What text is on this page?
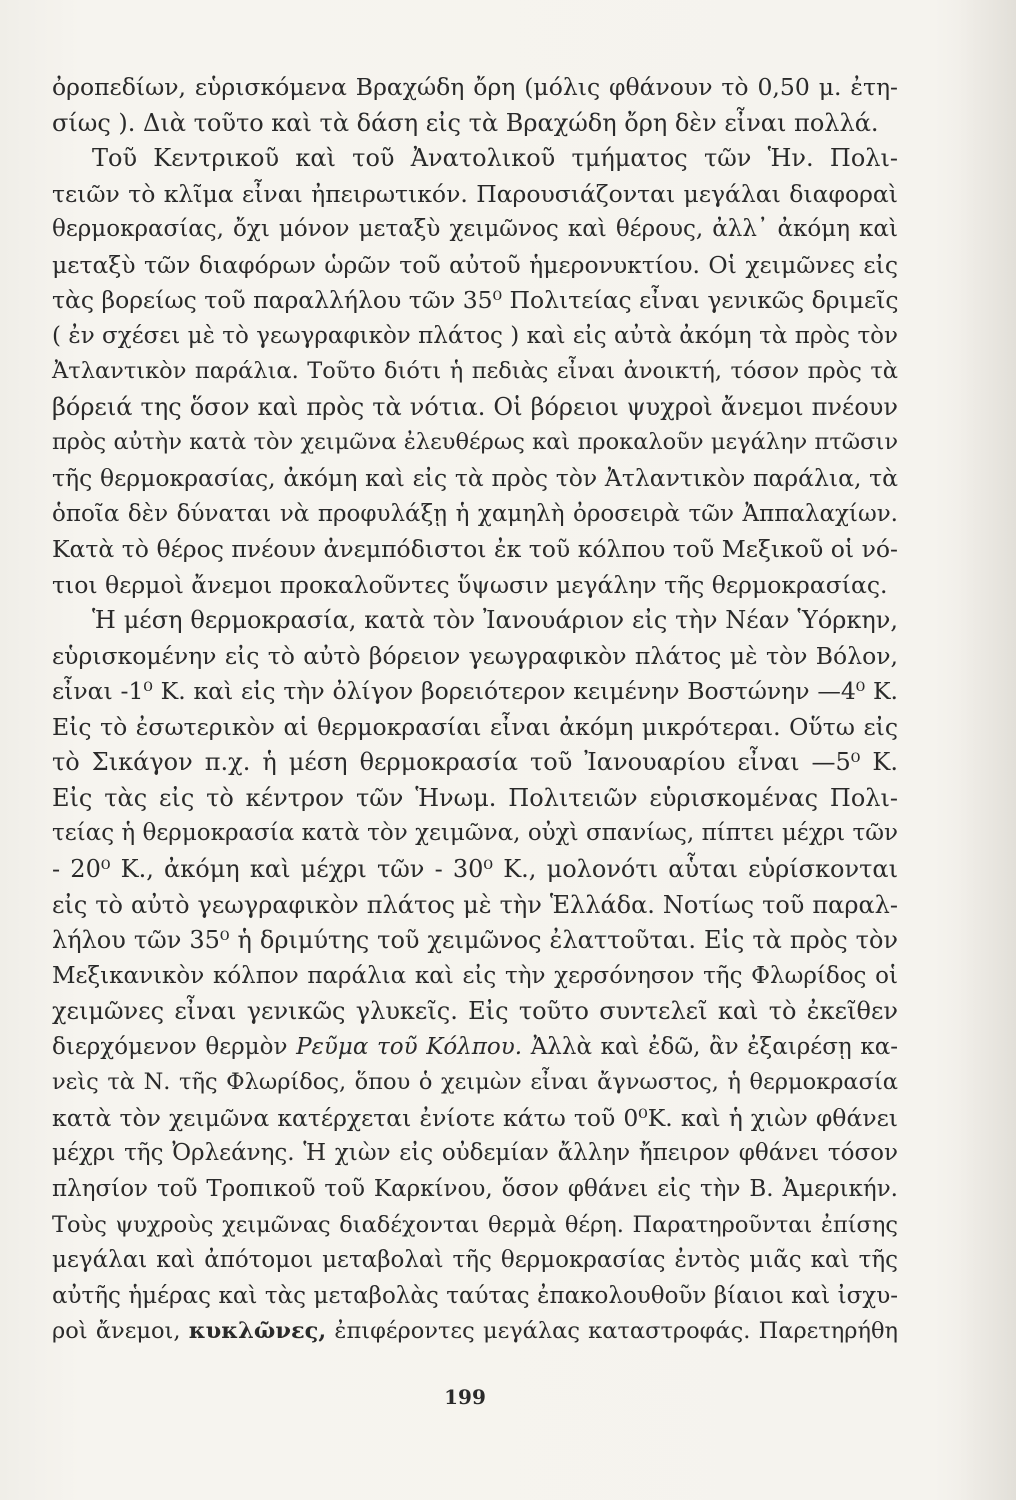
ὀροπεδίων, εὑρισκόμενα Βραχώδη ὄρη (μόλις φθάνουν τὸ 0,50 μ. ἐτη-
σίως ). Διὰ τοῦτο καὶ τὰ δάση εἰς τὰ Βραχώδη ὄρη δὲν εἶναι πολλά.
Τοῦ Κεντρικοῦ καὶ τοῦ Ἀνατολικοῦ τμήματος τῶν Ἡν. Πολι-
τειῶν τὸ κλῖμα εἶναι ἠπειρωτικόν. Παρουσιάζονται μεγάλαι διαφοραὶ
θερμοκρασίας, ὄχι μόνον μεταξὺ χειμῶνος καὶ θέρους, ἀλλ᾽ ἀκόμη καὶ
μεταξὺ τῶν διαφόρων ὡρῶν τοῦ αὐτοῦ ἡμερονυκτίου. Οἱ χειμῶνες εἰς
τὰς βορείως τοῦ παραλλήλου τῶν 35⁰ Πολιτείας εἶναι γενικῶς δριμεῖς
( ἐν σχέσει μὲ τὸ γεωγραφικὸν πλάτος ) καὶ εἰς αὐτὰ ἀκόμη τὰ πρὸς τὸν
Ἀτλαντικὸν παράλια. Τοῦτο διότι ἡ πεδιὰς εἶναι ἀνοικτή, τόσον πρὸς τὰ
βόρειά της ὅσον καὶ πρὸς τὰ νότια. Οἱ βόρειοι ψυχροὶ ἄνεμοι πνέουν
πρὸς αὐτὴν κατὰ τὸν χειμῶνα ἐλευθέρως καὶ προκαλοῦν μεγάλην πτῶσιν
τῆς θερμοκρασίας, ἀκόμη καὶ εἰς τὰ πρὸς τὸν Ἀτλαντικὸν παράλια, τὰ
ὁποῖα δὲν δύναται νὰ προφυλάξῃ ἡ χαμηλὴ ὀροσειρὰ τῶν Ἀππαλαχίων.
Κατὰ τὸ θέρος πνέουν ἀνεμπόδιστοι ἐκ τοῦ κόλπου τοῦ Μεξικοῦ οἱ νό-
τιοι θερμοὶ ἄνεμοι προκαλοῦντες ὕψωσιν μεγάλην τῆς θερμοκρασίας.
Ἡ μέση θερμοκρασία, κατὰ τὸν Ἰανουάριον εἰς τὴν Νέαν Ὑόρκην,
εὑρισκομένην εἰς τὸ αὐτὸ βόρειον γεωγραφικὸν πλάτος μὲ τὸν Βόλον,
εἶναι -1⁰ Κ. καὶ εἰς τὴν ὀλίγον βορειότερον κειμένην Βοστώνην —4⁰ Κ.
Εἰς τὸ ἐσωτερικὸν αἱ θερμοκρασίαι εἶναι ἀκόμη μικρότεραι. Οὕτω εἰς
τὸ Σικάγον π.χ. ἡ μέση θερμοκρασία τοῦ Ἰανουαρίου εἶναι —5⁰ Κ.
Εἰς τὰς εἰς τὸ κέντρον τῶν Ἡνωμ. Πολιτειῶν εὑρισκομένας Πολι-
τείας ἡ θερμοκρασία κατὰ τὸν χειμῶνα, οὐχὶ σπανίως, πίπτει μέχρι τῶν
- 20⁰ Κ., ἀκόμη καὶ μέχρι τῶν - 30⁰ Κ., μολονότι αὗται εὑρίσκονται
εἰς τὸ αὐτὸ γεωγραφικὸν πλάτος μὲ τὴν Ἑλλάδα. Νοτίως τοῦ παραλ-
λήλου τῶν 35⁰ ἡ δριμύτης τοῦ χειμῶνος ἐλαττοῦται. Εἰς τὰ πρὸς τὸν
Μεξικανικὸν κόλπον παράλια καὶ εἰς τὴν χερσόνησον τῆς Φλωρίδος οἱ
χειμῶνες εἶναι γενικῶς γλυκεῖς. Εἰς τοῦτο συντελεῖ καὶ τὸ ἐκεῖθεν
διερχόμενον θερμὸν Ρεῦμα τοῦ Κόλπου. Ἀλλὰ καὶ ἐδῶ, ἂν ἐξαιρέσῃ κα-
νεὶς τὰ Ν. τῆς Φλωρίδος, ὅπου ὁ χειμὼν εἶναι ἄγνωστος, ἡ θερμοκρασία
κατὰ τὸν χειμῶνα κατέρχεται ἐνίοτε κάτω τοῦ 0⁰Κ. καὶ ἡ χιὼν φθάνει
μέχρι τῆς Ὀρλεάνης. Ἡ χιὼν εἰς οὐδεμίαν ἄλλην ἤπειρον φθάνει τόσον
πλησίον τοῦ Τροπικοῦ τοῦ Καρκίνου, ὅσον φθάνει εἰς τὴν Β. Ἀμερικήν.
Τοὺς ψυχροὺς χειμῶνας διαδέχονται θερμὰ θέρη. Παρατηροῦνται ἐπίσης
μεγάλαι καὶ ἀπότομοι μεταβολαὶ τῆς θερμοκρασίας ἐντὸς μιᾶς καὶ τῆς
αὐτῆς ἡμέρας καὶ τὰς μεταβολὰς ταύτας ἐπακολουθοῦν βίαιοι καὶ ἰσχυ-
ροὶ ἄνεμοι, κυκλῶνες, ἐπιφέροντες μεγάλας καταστροφάς. Παρετηρήθη
199
